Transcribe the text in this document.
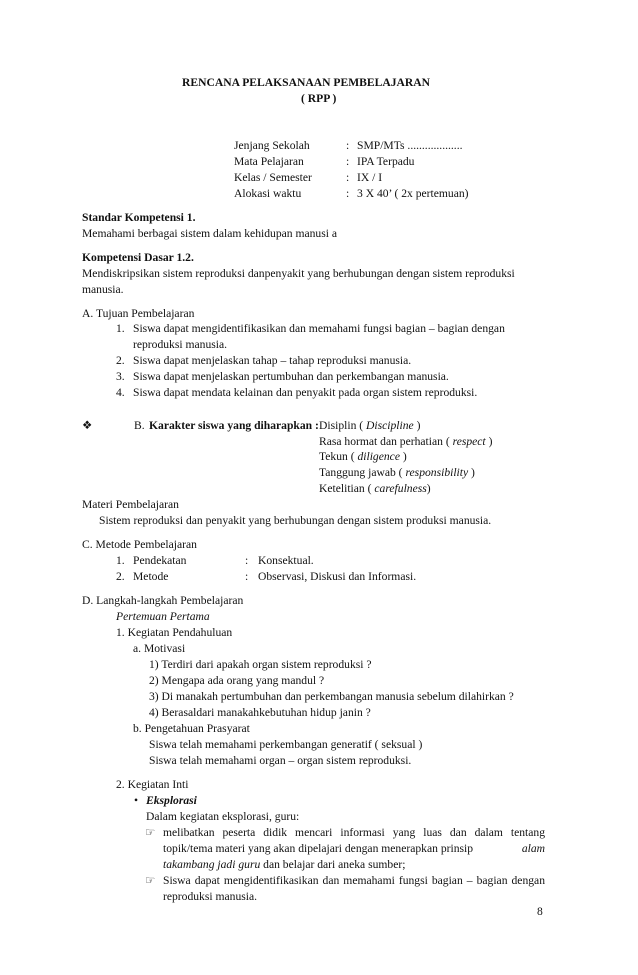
RENCANA PELAKSANAAN PEMBELAJARAN
( RPP )
Jenjang Sekolah	: SMP/MTs ...................
Mata Pelajaran	: IPA Terpadu
Kelas / Semester	: IX / I
Alokasi waktu	: 3 X 40’ ( 2x pertemuan)
Standar Kompetensi 1.
Memahami berbagai sistem dalam kehidupan manusi a
Kompetensi Dasar 1.2.
Mendiskripsikan sistem reproduksi danpenyakit yang berhubungan dengan sistem reproduksi
manusia.
A. Tujuan Pembelajaran
1. Siswa dapat mengidentifikasikan dan memahami fungsi bagian – bagian dengan
reproduksi manusia.
2. Siswa dapat menjelaskan tahap – tahap reproduksi manusia.
3. Siswa dapat menjelaskan pertumbuhan dan perkembangan manusia.
4. Siswa dapat mendata kelainan dan penyakit pada organ sistem reproduksi.
❖	B. Karakter siswa yang diharapkan : Disiplin ( Discipline )
Rasa hormat dan perhatian ( respect )
Tekun ( diligence )
Tanggung jawab ( responsibility )
Ketelitian ( carefulness)
Materi Pembelajaran
Sistem reproduksi dan penyakit yang berhubungan dengan sistem produksi manusia.
C. Metode Pembelajaran
1. Pendekatan	: Konsektual.
2. Metode	: Observasi, Diskusi dan Informasi.
D. Langkah-langkah Pembelajaran
Pertemuan Pertama
1. Kegiatan Pendahuluan
a. Motivasi
1) Terdiri dari apakah organ sistem reproduksi ?
2) Mengapa ada orang yang mandul ?
3) Di manakah pertumbuhan dan perkembangan manusia sebelum dilahirkan ?
4) Berasaldari manakahkebutuhan hidup janin ?
b. Pengetahuan Prasyarat
Siswa telah memahami perkembangan generatif ( seksual )
Siswa telah memahami organ – organ sistem reproduksi.
2. Kegiatan Inti
• Eksplorasi
Dalam kegiatan eksplorasi, guru:
☞ melibatkan peserta didik mencari informasi yang luas dan dalam tentang
topik/tema materi yang akan dipelajari dengan menerapkan prinsip	alam
takambang jadi guru dan belajar dari aneka sumber;
☞ Siswa dapat mengidentifikasikan dan memahami fungsi bagian – bagian dengan
reproduksi manusia.
8
